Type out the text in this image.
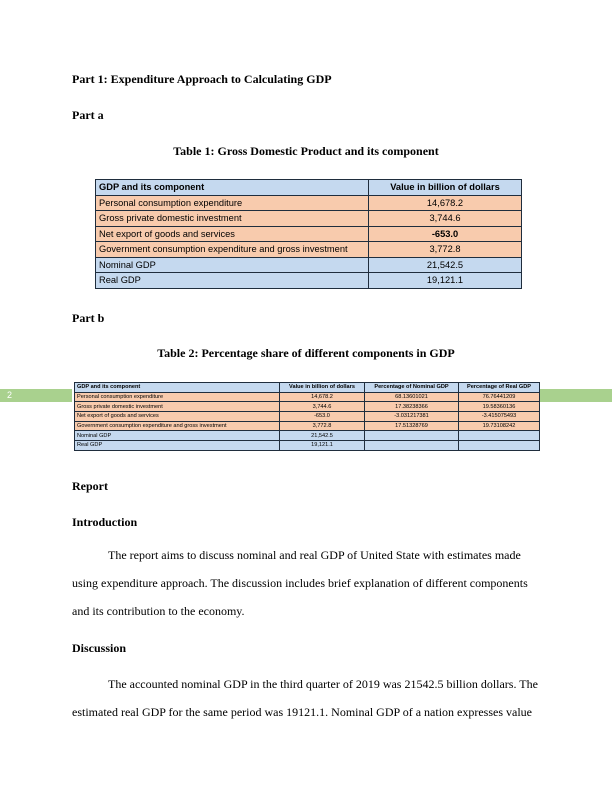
Part 1: Expenditure Approach to Calculating GDP
Part a
Table 1: Gross Domestic Product and its component
GDP and its component	Value in billion of dollars
Personal consumption expenditure	14,678.2
Gross private domestic investment	3,744.6
Net export of goods and services	-653.0
Government consumption expenditure and gross investment	3,772.8
Nominal GDP	21,542.5
Real GDP	19,121.1
Part b
Table 2: Percentage share of different components in GDP
2
GDP and its component	Value in billion of dollars	Percentage of Nominal GDP	Percentage of Real GDP
Personal consumption expenditure	14,678.2	68.13601021	76.76441209
Gross private domestic investment	3,744.6	17.38238366	19.58360136
Net export of goods and services	-653.0	-3.031217381	-3.415075493
Government consumption expenditure and gross investment	3,772.8	17.51328769	19.73108242
Nominal GDP	21,542.5		
Real GDP	19,121.1		
Report
Introduction
The report aims to discuss nominal and real GDP of United State with estimates made
using expenditure approach. The discussion includes brief explanation of different components
and its contribution to the economy.
Discussion
The accounted nominal GDP in the third quarter of 2019 was 21542.5 billion dollars. The
estimated real GDP for the same period was 19121.1. Nominal GDP of a nation expresses value
